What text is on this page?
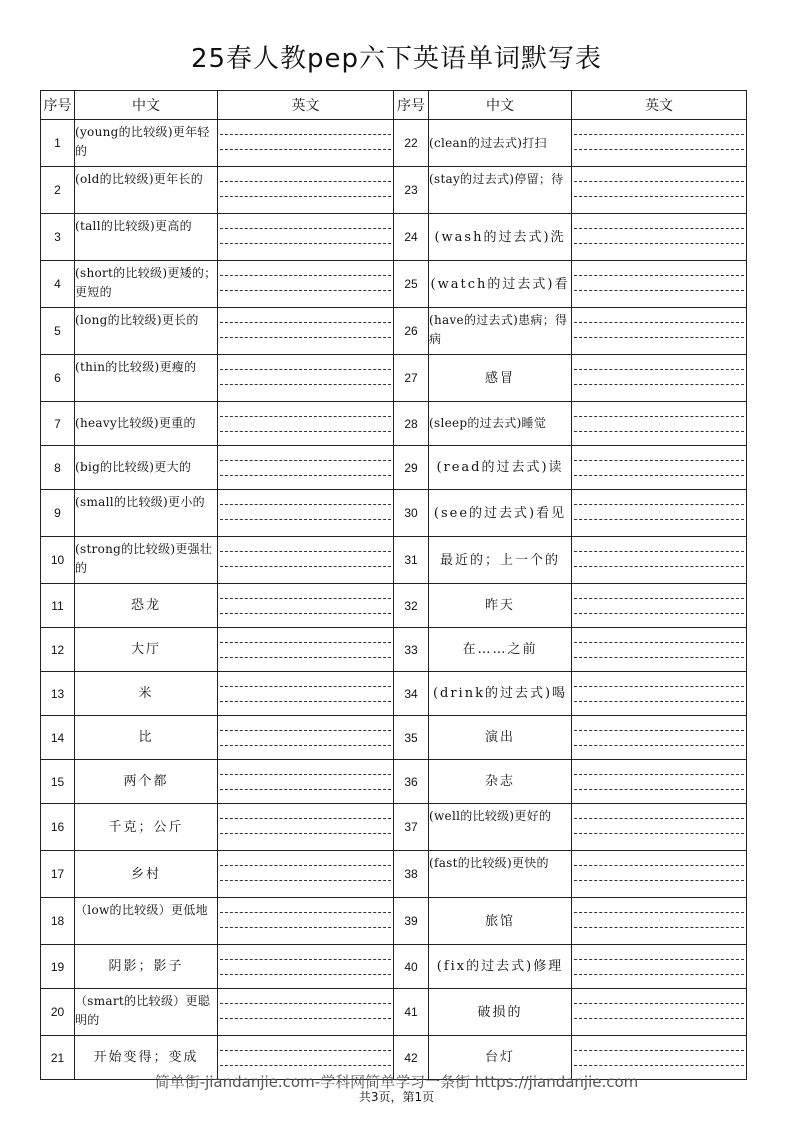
25春人教pep六下英语单词默写表
序号	中文	英文	序号	中文	英文
1	(young的比较级)更年轻的		22	(clean的过去式)打扫	

2	(old的比较级)更年长的		23	(stay的过去式)停留；待	

3	(tall的比较级)更高的		24	(wash的过去式)洗	

4	(short的比较级)更矮的；更短的		25	(watch的过去式)看	

5	(long的比较级)更长的		26	(have的过去式)患病；得病	

6	(thin的比较级)更瘦的		27	感冒	

7	(heavy比较级)更重的		28	(sleep的过去式)睡觉	

8	(big的比较级)更大的		29	(read的过去式)读	

9	(small的比较级)更小的		30	(see的过去式)看见	

10	(strong的比较级)更强壮的		31	最近的；上一个的	

11	恐龙		32	昨天	

12	大厅		33	在……之前	

13	米		34	(drink的过去式)喝	

14	比		35	演出	

15	两个都		36	杂志	

16	千克；公斤		37	(well的比较级)更好的	

17	乡村		38	(fast的比较级)更快的	

18	（low的比较级）更低地		39	旅馆	

19	阴影；影子		40	(fix的过去式)修理	

20	（smart的比较级）更聪明的		41	破损的	

21	开始变得；变成		42	台灯	
简单街-jiandanjie.com-学科网简单学习一条街 https://jiandanjie.com
共3页，第1页
